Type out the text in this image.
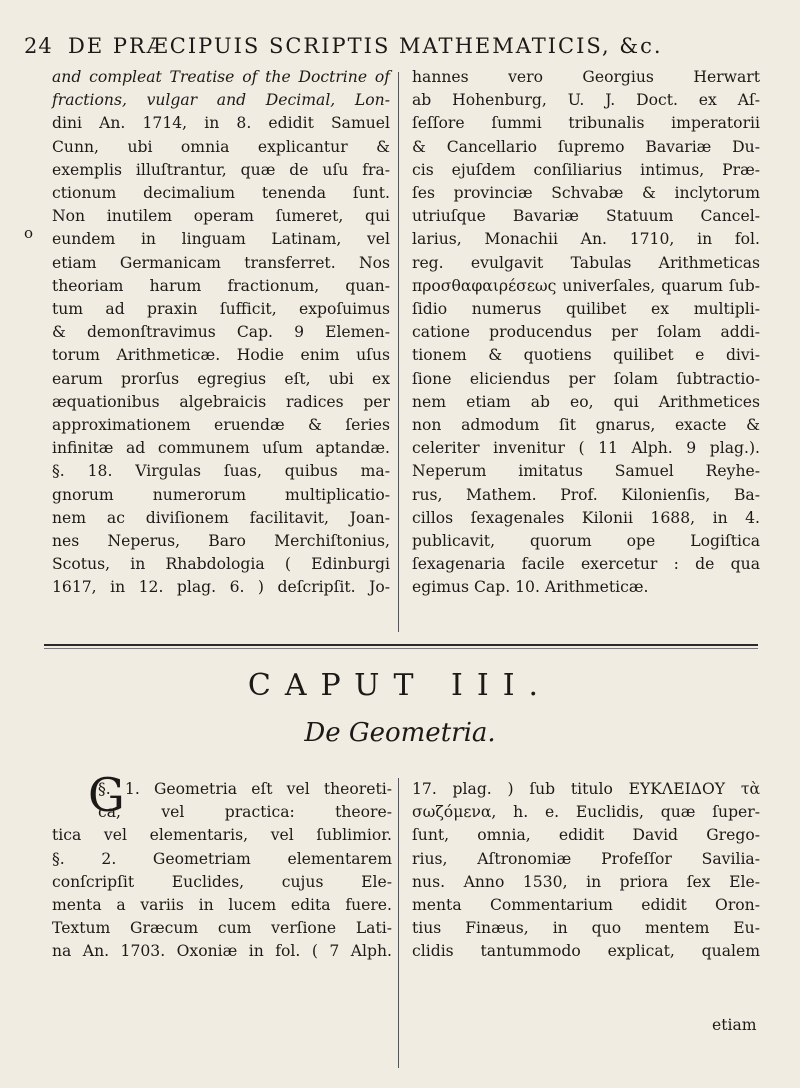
24 DE PRÆCIPUIS SCRIPTIS MATHEMATICIS, &c.
o
and compleat Treatise of the Doctrine of
fractions, vulgar and Decimal, Lon-
dini An. 1714, in 8. edidit Samuel
Cunn, ubi omnia explicantur &
exemplis illuſtrantur, quæ de uſu fra-
ctionum decimalium tenenda ſunt.
Non inutilem operam ſumeret, qui
eundem in linguam Latinam, vel
etiam Germanicam transferret. Nos
theoriam harum fractionum, quan-
tum ad praxin ſufficit, expoſuimus
& demonſtravimus Cap. 9 Elemen-
torum Arithmeticæ. Hodie enim uſus
earum prorſus egregius eſt, ubi ex
æquationibus algebraicis radices per
approximationem eruendæ & ſeries
infinitæ ad communem uſum aptandæ.
§. 18. Virgulas ſuas, quibus ma-
gnorum numerorum multiplicatio-
nem ac diviſionem facilitavit, Joan-
nes Neperus, Baro Merchiſtonius,
Scotus, in Rhabdologia ( Edinburgi
1617, in 12. plag. 6. ) deſcripſit. Jo-
hannes vero Georgius Herwart
ab Hohenburg, U. J. Doct. ex Aſ-
ſeſſore ſummi tribunalis imperatorii
& Cancellario ſupremo Bavariæ Du-
cis ejuſdem conſiliarius intimus, Præ-
ſes provinciæ Schvabæ & inclytorum
utriuſque Bavariæ Statuum Cancel-
larius, Monachii An. 1710, in fol.
reg. evulgavit Tabulas Arithmeticas
προσθαφαιρέσεως univerſales, quarum ſub-
ſidio numerus quilibet ex multipli-
catione producendus per ſolam addi-
tionem & quotiens quilibet e divi-
ſione eliciendus per ſolam ſubtractio-
nem etiam ab eo, qui Arithmetices
non admodum ſit gnarus, exacte &
celeriter invenitur ( 11 Alph. 9 plag.).
Neperum imitatus Samuel Reyhe-
rus, Mathem. Prof. Kilonienſis, Ba-
cillos ſexagenales Kilonii 1688, in 4.
publicavit, quorum ope Logiſtica
ſexagenaria facile exercetur : de qua
egimus Cap. 10. Arithmeticæ.
CAPUT III.
De Geometria.
§. 1. Geometria eſt vel theoreti-
ca, vel practica: theore-
tica vel elementaris, vel ſublimior.
§. 2. Geometriam elementarem
conſcripſit Euclides, cujus Ele-
menta a variis in lucem edita fuere.
Textum Græcum cum verſione Lati-
na An. 1703. Oxoniæ in fol. ( 7 Alph.
G	17. plag. ) ſub titulo ΕΥΚΛΕΙΔΟΥ τὰ
σωζόμενα, h. e. Euclidis, quæ ſuper-
ſunt, omnia, edidit David Grego-
rius, Aſtronomiæ Profeſſor Savilia-
nus. Anno 1530, in priora ſex Ele-
menta Commentarium edidit Oron-
tius Finæus, in quo mentem Eu-
clidis tantummodo explicat, qualem
etiam
